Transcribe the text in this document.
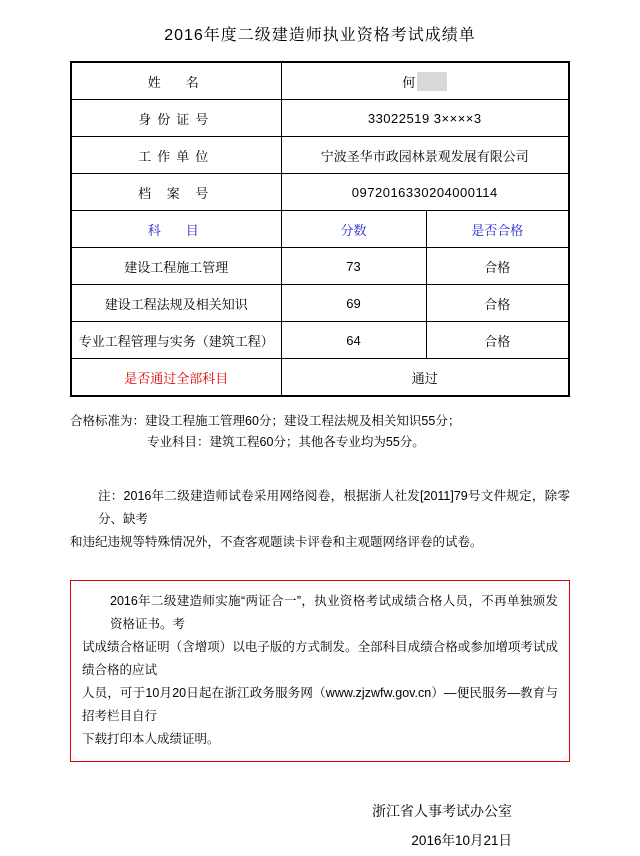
2016年度二级建造师执业资格考试成绩单
姓　名	何	
身份证号	33022519 3××××3	
工作单位	宁波圣华市政园林景观发展有限公司	
档 案 号	0972016330204000114	
科　目	分数	是否合格
建设工程施工管理	73	合格
建设工程法规及相关知识	69	合格
专业工程管理与实务（建筑工程）	64	合格
是否通过全部科目	通过	
合格标准为： 建设工程施工管理60分；建设工程法规及相关知识55分；
专业科目：建筑工程60分；其他各专业均为55分。
注：2016年二级建造师试卷采用网络阅卷，根据浙人社发[2011]79号文件规定，除零分、缺考
和违纪违规等特殊情况外，不查客观题读卡评卷和主观题网络评卷的试卷。
2016年二级建造师实施“两证合一”，执业资格考试成绩合格人员，不再单独颁发资格证书。考
试成绩合格证明（含增项）以电子版的方式制发。全部科目成绩合格或参加增项考试成绩合格的应试
人员，可于10月20日起在浙江政务服务网（www.zjzwfw.gov.cn）—便民服务—教育与招考栏目自行
下载打印本人成绩证明。
浙江省人事考试办公室
2016年10月21日
